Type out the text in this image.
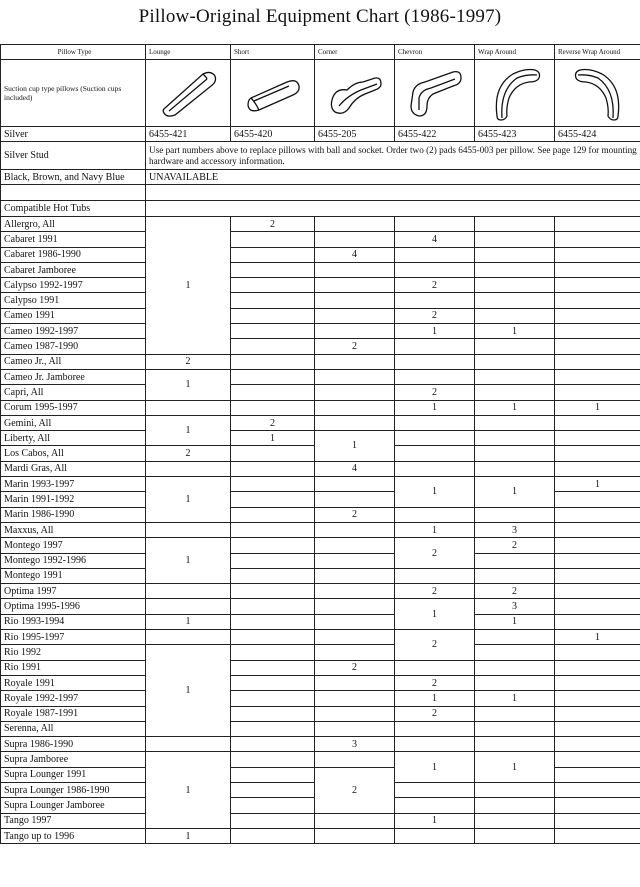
Pillow-Original Equipment Chart (1986-1997)
Pillow Type	Lounge	Short	Corner	Chevron	Wrap Around	Reverse Wrap Around
Suction cup type pillows (Suction cups included)	

Silver	6455-421	6455-420	6455-205	6455-422	6455-423	6455-424
Silver Stud	Use part numbers above to replace pillows with ball and socket. Order two (2) pads 6455-003 per pillow. See page 129 for mounting hardware and accessory information.					
Black, Brown, and Navy Blue	UNAVAILABLE					

Compatible Hot Tubs						
Allergro, All	1	2				
Cabaret 1991				4		
Cabaret 1986-1990			4			
Cabaret Jamboree						
Calypso 1992-1997				2		
Calypso 1991						
Cameo 1991				2		
Cameo 1992-1997				1	1	
Cameo 1987-1990			2			
Cameo Jr., All	2					
Cameo Jr. Jamboree	1					
Capri, All				2		
Corum 1995-1997				1	1	1
Gemini, All	1	2				
Liberty, All		1	1			
Los Cabos, All	2					
Mardi Gras, All			4			
Marin 1993-1997	1			1	1	1
Marin 1991-1992						
Marin 1986-1990			2			
Maxxus, All				1	3	
Montego 1997	1			2	2	
Montego 1992-1996						
Montego 1991						
Optima 1997				2	2	
Optima 1995-1996				1	3	
Rio 1993-1994	1				1	
Rio 1995-1997				2		1
Rio 1992	1					
Rio 1991			2			
Royale 1991				2		
Royale 1992-1997				1	1	
Royale 1987-1991				2		
Serenna, All						
Supra 1986-1990			3			
Supra Jamboree	1			1	1	
Supra Lounger 1991			2			
Supra Lounger 1986-1990						
Supra Lounger Jamboree						
Tango 1997				1		
Tango up to 1996	1					
